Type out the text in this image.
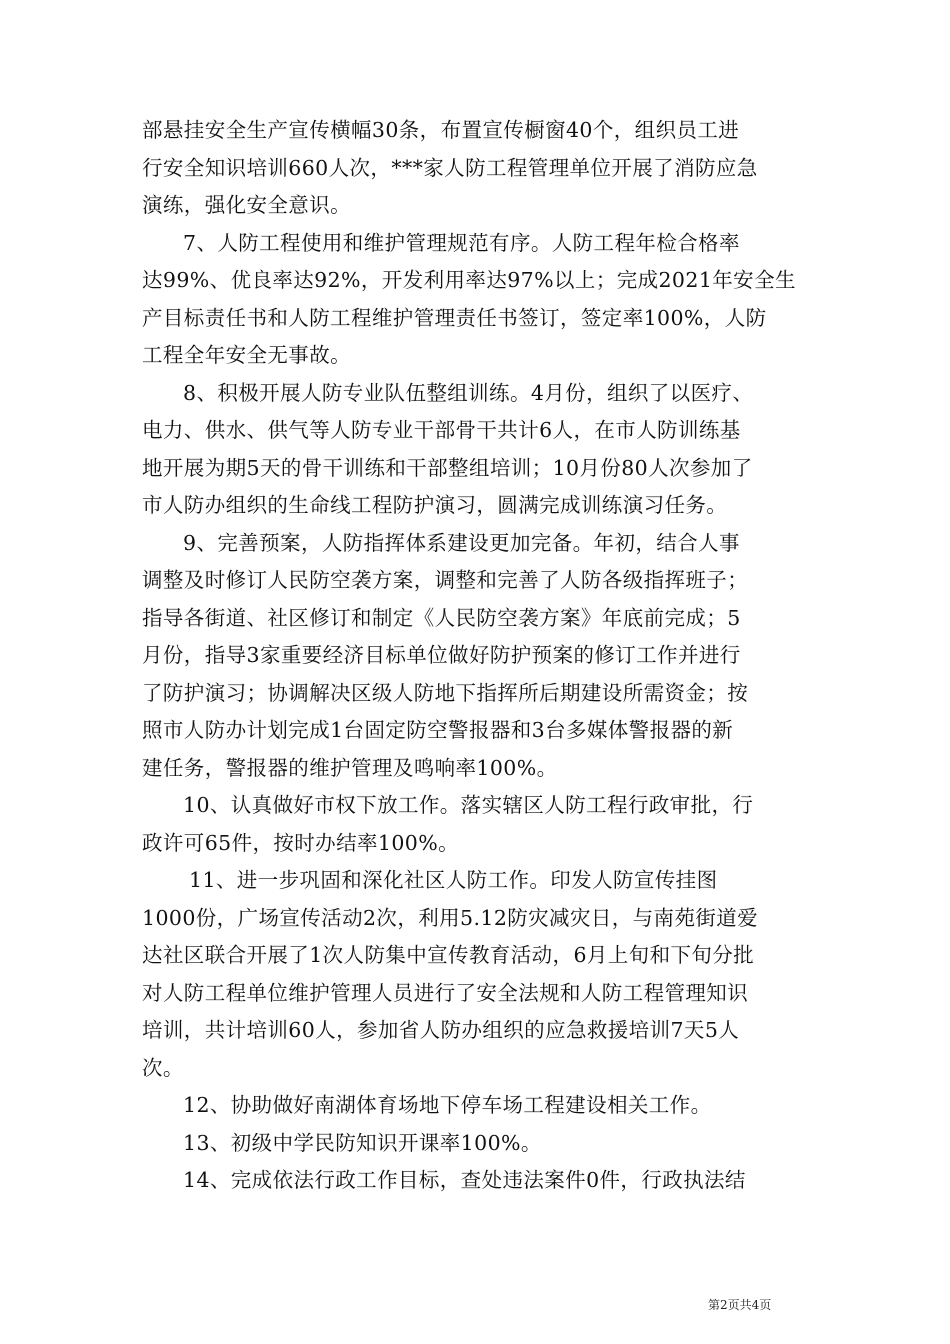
部悬挂安全生产宣传横幅30条，布置宣传橱窗40个，组织员工进
行安全知识培训660人次，***家人防工程管理单位开展了消防应急
演练，强化安全意识。
7、人防工程使用和维护管理规范有序。人防工程年检合格率
达99%、优良率达92%，开发利用率达97%以上；完成2021年安全生
产目标责任书和人防工程维护管理责任书签订，签定率100%，人防
工程全年安全无事故。
8、积极开展人防专业队伍整组训练。4月份，组织了以医疗、
电力、供水、供气等人防专业干部骨干共计6人，在市人防训练基
地开展为期5天的骨干训练和干部整组培训；10月份80人次参加了
市人防办组织的生命线工程防护演习，圆满完成训练演习任务。
9、完善预案，人防指挥体系建设更加完备。年初，结合人事
调整及时修订人民防空袭方案，调整和完善了人防各级指挥班子；
指导各街道、社区修订和制定《人民防空袭方案》年底前完成；5
月份，指导3家重要经济目标单位做好防护预案的修订工作并进行
了防护演习；协调解决区级人防地下指挥所后期建设所需资金；按
照市人防办计划完成1台固定防空警报器和3台多媒体警报器的新
建任务，警报器的维护管理及鸣响率100%。
10、认真做好市权下放工作。落实辖区人防工程行政审批，行
政许可65件，按时办结率100%。
11、进一步巩固和深化社区人防工作。印发人防宣传挂图
1000份，广场宣传活动2次，利用5.12防灾减灾日，与南苑街道爱
达社区联合开展了1次人防集中宣传教育活动，6月上旬和下旬分批
对人防工程单位维护管理人员进行了安全法规和人防工程管理知识
培训，共计培训60人，参加省人防办组织的应急救援培训7天5人
次。
12、协助做好南湖体育场地下停车场工程建设相关工作。
13、初级中学民防知识开课率100%。
14、完成依法行政工作目标，查处违法案件0件，行政执法结
第2页共4页
